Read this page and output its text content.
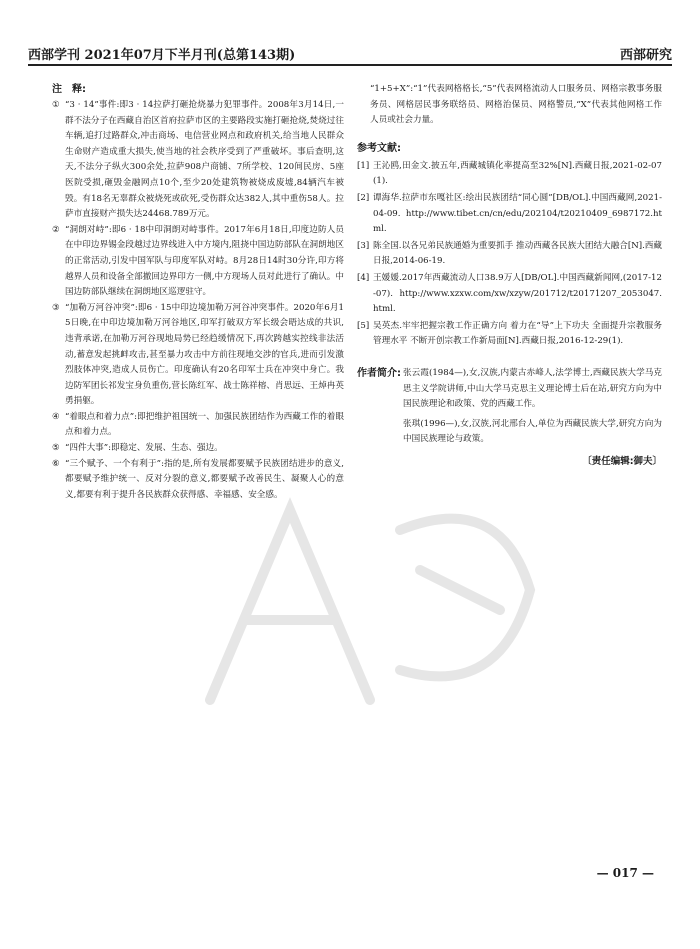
西部学刊 2021年07月下半月刊(总第143期)	西部研究
注　释:
① “3 · 14”事件:即3 · 14拉萨打砸抢烧暴力犯罪事件。2008年3月14日,一群不法分子在西藏自治区首府拉萨市区的主要路段实施打砸抢烧,焚烧过往车辆,追打过路群众,冲击商场、电信营业网点和政府机关,给当地人民群众生命财产造成重大损失,使当地的社会秩序受到了严重破坏。事后查明,这天,不法分子纵火300余处,拉萨908户商铺、7所学校、120间民房、5座医院受损,砸毁金融网点10个,至少20处建筑物被烧成废墟,84辆汽车被毁。有18名无辜群众被烧死或砍死,受伤群众达382人,其中重伤58人。拉萨市直接财产损失达24468.789万元。
② “洞朗对峙”:即6 · 18中印洞朗对峙事件。2017年6月18日,印度边防人员在中印边界锡金段越过边界线进入中方境内,阻挠中国边防部队在洞朗地区的正常活动,引发中国军队与印度军队对峙。8月28日14时30分许,印方将越界人员和设备全部撤回边界印方一侧,中方现场人员对此进行了确认。中国边防部队继续在洞朗地区巡逻驻守。
③ “加勒万河谷冲突”:即6 · 15中印边境加勒万河谷冲突事件。2020年6月15日晚,在中印边境加勒万河谷地区,印军打破双方军长级会晤达成的共识,违背承诺,在加勒万河谷现地局势已经趋缓情况下,再次跨越实控线非法活动,蓄意发起挑衅攻击,甚至暴力攻击中方前往现地交涉的官兵,进而引发激烈肢体冲突,造成人员伤亡。印度确认有20名印军士兵在冲突中身亡。我边防军团长祁发宝身负重伤,营长陈红军、战士陈祥榕、肖思远、王焯冉英勇捐躯。
④ “着眼点和着力点”:即把维护祖国统一、加强民族团结作为西藏工作的着眼点和着力点。
⑤ “四件大事”:即稳定、发展、生态、强边。
⑥ “三个赋予、一个有利于”:指的是,所有发展都要赋予民族团结进步的意义,都要赋予维护统一、反对分裂的意义,都要赋予改善民生、凝聚人心的意义,都要有利于提升各民族群众获得感、幸福感、安全感。
“1+5+X”:“1”代表网格格长,“5”代表网格流动人口服务员、网格宗教事务服务员、网格居民事务联络员、网格治保员、网格警员,“X”代表其他网格工作人员或社会力量。
参考文献:
[1] 王沁鸥,田金文.披五年,西藏城镇化率提高至32%[N].西藏日报,2021-02-07(1).
[2] 谭海华.拉萨市东嘎社区:绘出民族团结“同心圆”[DB/OL].中国西藏网,2021-04-09. http://www.tibet.cn/cn/edu/202104/t20210409_6987172.html.
[3] 陈全国.以各兄弟民族通婚为重要抓手 推动西藏各民族大团结大融合[N].西藏日报,2014-06-19.
[4] 王媛媛.2017年西藏流动人口38.9万人[DB/OL].中国西藏新闻网,(2017-12-07). http://www.xzxw.com/xw/xzyw/201712/t20171207_2053047.html.
[5] 吴英杰.牢牢把握宗教工作正确方向 着力在“导”上下功夫 全面提升宗教服务管理水平 不断开创宗教工作新局面[N].西藏日报,2016-12-29(1).
作者简介: 张云霞(1984—),女,汉族,内蒙古赤峰人,法学博士,西藏民族大学马克思主义学院讲师,中山大学马克思主义理论博士后在站,研究方向为中国民族理论和政策、党的西藏工作。

张琪(1996—),女,汉族,河北邢台人,单位为西藏民族大学,研究方向为中国民族理论与政策。

〔责任编辑:御夫〕
— 017 —
